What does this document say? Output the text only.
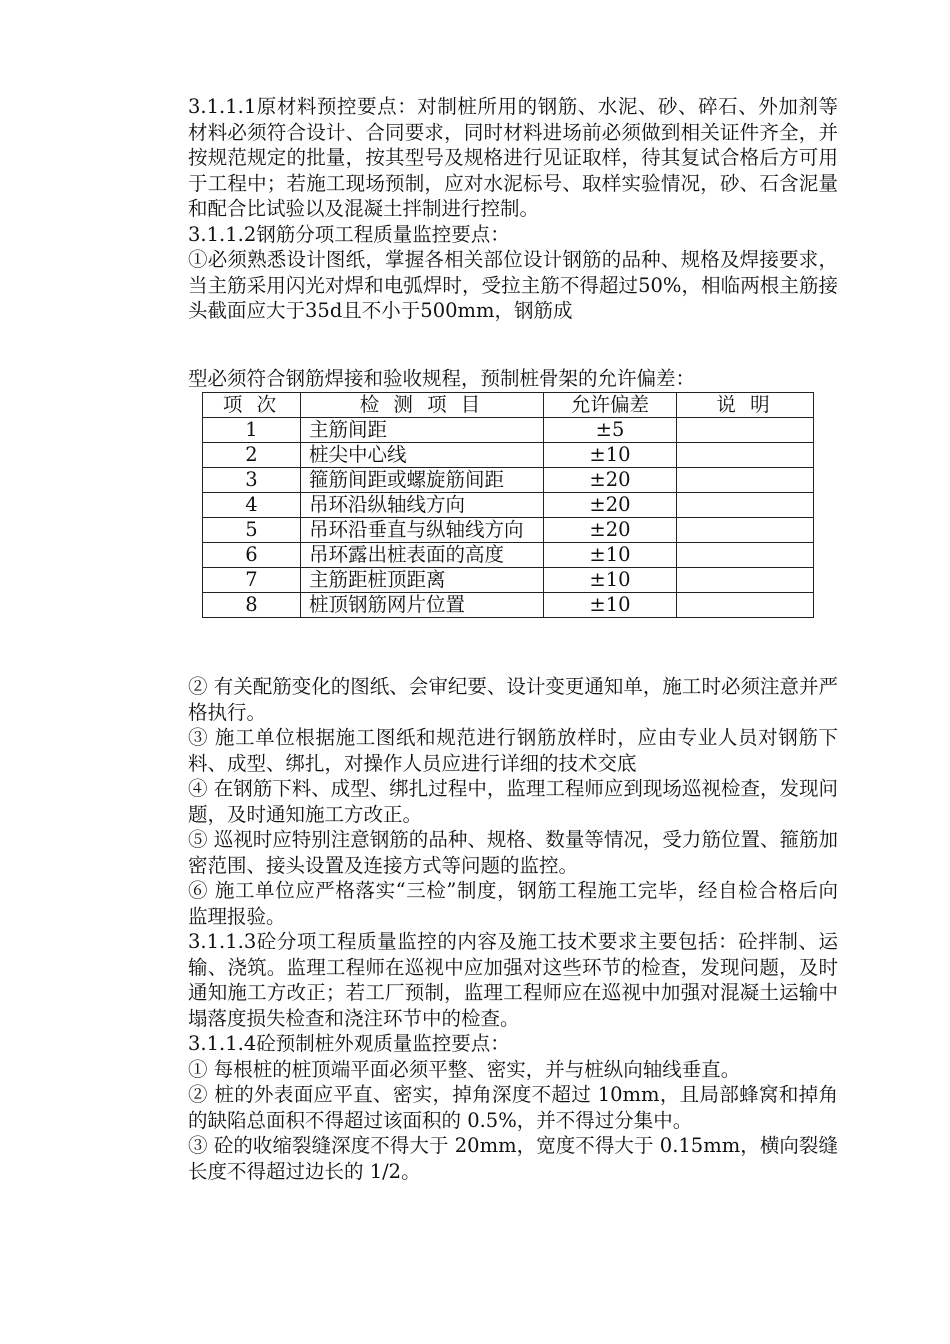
3.1.1.1原材料预控要点：对制桩所用的钢筋、水泥、砂、碎石、外加剂等材料必须符合设计、合同要求，同时材料进场前必须做到相关证件齐全，并按规范规定的批量，按其型号及规格进行见证取样，待其复试合格后方可用于工程中；若施工现场预制，应对水泥标号、取样实验情况，砂、石含泥量和配合比试验以及混凝土拌制进行控制。

3.1.1.2钢筋分项工程质量监控要点：

①必须熟悉设计图纸，掌握各相关部位设计钢筋的品种、规格及焊接要求，当主筋采用闪光对焊和电弧焊时，受拉主筋不得超过50%，相临两根主筋接头截面应大于35d且不小于500mm，钢筋成

型必须符合钢筋焊接和验收规程，预制桩骨架的允许偏差：

项 次	检 测 项 目	允许偏差	说 明
1	主筋间距	±5	
2	桩尖中心线	±10	
3	箍筋间距或螺旋筋间距	±20	
4	吊环沿纵轴线方向	±20	
5	吊环沿垂直与纵轴线方向	±20	
6	吊环露出桩表面的高度	±10	
7	主筋距桩顶距离	±10	
8	桩顶钢筋网片位置	±10	

② 有关配筋变化的图纸、会审纪要、设计变更通知单，施工时必须注意并严格执行。

③ 施工单位根据施工图纸和规范进行钢筋放样时，应由专业人员对钢筋下料、成型、绑扎，对操作人员应进行详细的技术交底

④ 在钢筋下料、成型、绑扎过程中，监理工程师应到现场巡视检查，发现问题，及时通知施工方改正。

⑤ 巡视时应特别注意钢筋的品种、规格、数量等情况，受力筋位置、箍筋加密范围、接头设置及连接方式等问题的监控。

⑥ 施工单位应严格落实“三检”制度，钢筋工程施工完毕，经自检合格后向监理报验。

3.1.1.3砼分项工程质量监控的内容及施工技术要求主要包括：砼拌制、运输、浇筑。监理工程师在巡视中应加强对这些环节的检查，发现问题，及时通知施工方改正；若工厂预制，监理工程师应在巡视中加强对混凝土运输中塌落度损失检查和浇注环节中的检查。

3.1.1.4砼预制桩外观质量监控要点：

① 每根桩的桩顶端平面必须平整、密实，并与桩纵向轴线垂直。

② 桩的外表面应平直、密实，掉角深度不超过 10mm，且局部蜂窝和掉角的缺陷总面积不得超过该面积的 0.5%，并不得过分集中。

③ 砼的收缩裂缝深度不得大于 20mm，宽度不得大于 0.15mm，横向裂缝长度不得超过边长的 1/2。
